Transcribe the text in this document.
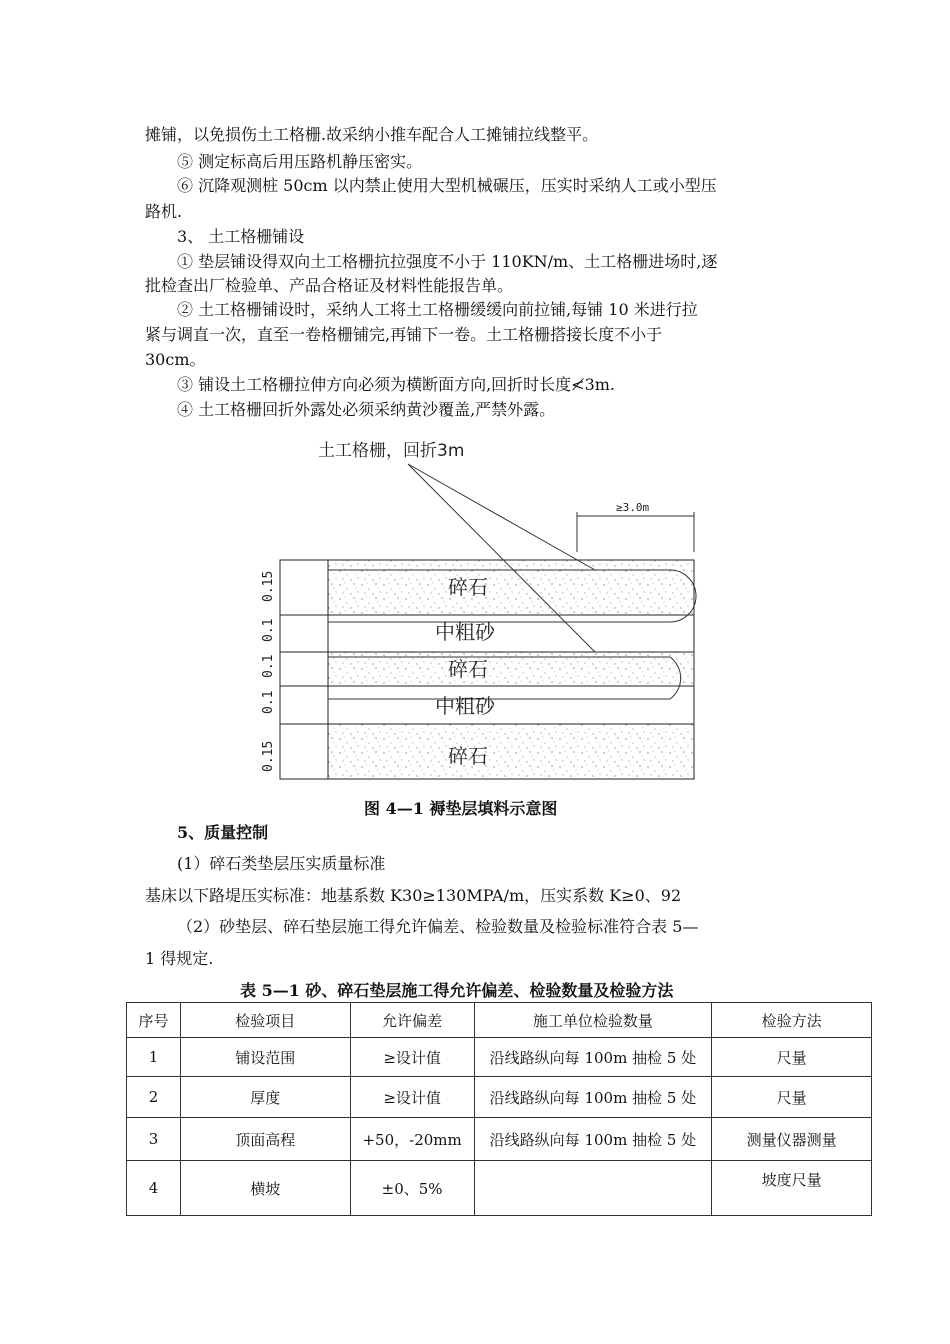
摊铺，以免损伤土工格栅.故采纳小推车配合人工摊铺拉线整平。
⑤ 测定标高后用压路机静压密实。
⑥ 沉降观测桩 50cm 以内禁止使用大型机械碾压，压实时采纳人工或小型压
路机.
3、 土工格栅铺设
① 垫层铺设得双向土工格栅抗拉强度不小于 110KN/m、土工格栅进场时,逐
批检查出厂检验单、产品合格证及材料性能报告单。
② 土工格栅铺设时，采纳人工将土工格栅缓缓向前拉铺,每铺 10 米进行拉
紧与调直一次，直至一卷格栅铺完,再铺下一卷。土工格栅搭接长度不小于
30cm。
③ 铺设土工格栅拉伸方向必须为横断面方向,回折时长度≮3m.
④ 土工格栅回折外露处必须采纳黄沙覆盖,严禁外露。
土工格栅，回折3m
≥3.0m
碎石
中粗砂
碎石
中粗砂
碎石
0.15
0.1
0.1
0.1
0.15
图 4—1 褥垫层填料示意图
5、质量控制
(1）碎石类垫层压实质量标准
基床以下路堤压实标准：地基系数 K30≥130MPA/m，压实系数 K≥0、92
（2）砂垫层、碎石垫层施工得允许偏差、检验数量及检验标准符合表 5—
1 得规定.
表 5—1 砂、碎石垫层施工得允许偏差、检验数量及检验方法
序号	检验项目	允许偏差	施工单位检验数量	检验方法
1	铺设范围	≥设计值	沿线路纵向每 100m 抽检 5 处	尺量
2	厚度	≥设计值	沿线路纵向每 100m 抽检 5 处	尺量
3	顶面高程	+50，-20mm	沿线路纵向每 100m 抽检 5 处	测量仪器测量
4	横坡	±0、5%		坡度尺量
